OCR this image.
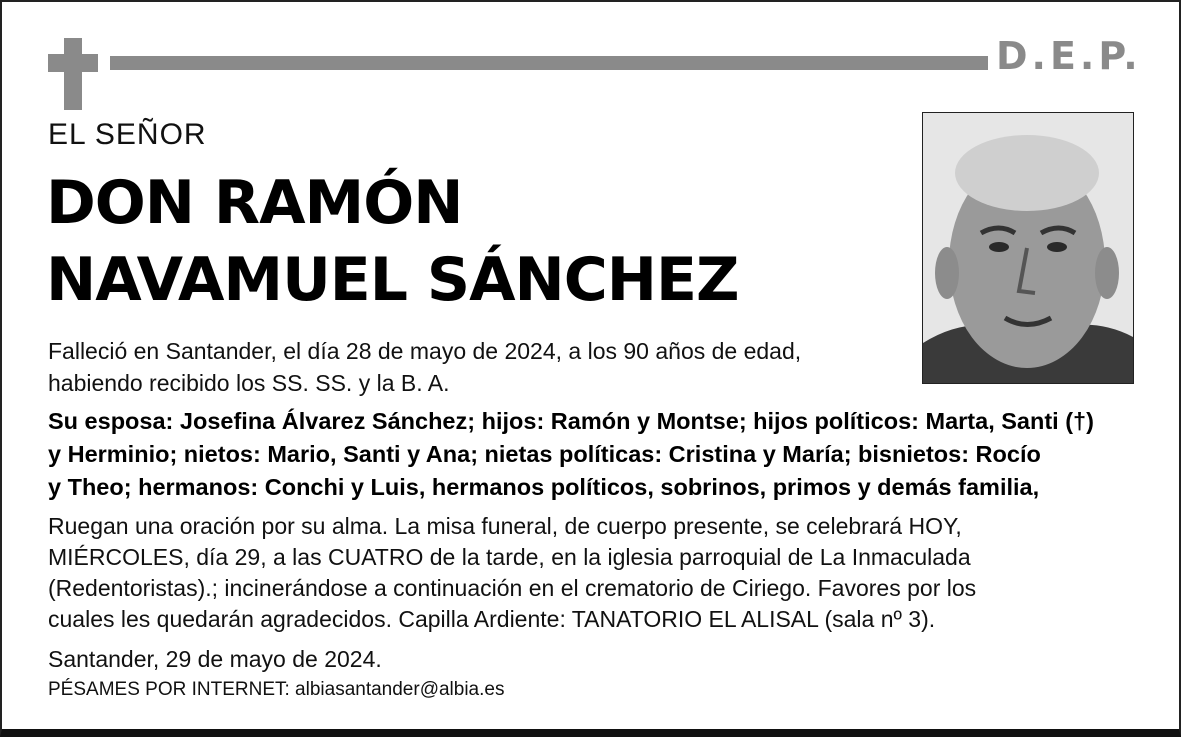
D.E.P.
EL SEÑOR
DON RAMÓN
NAVAMUEL SÁNCHEZ
Falleció en Santander, el día 28 de mayo de 2024, a los 90 años de edad,
habiendo recibido los SS. SS. y la B. A.
Su esposa: Josefina Álvarez Sánchez; hijos: Ramón y Montse; hijos políticos: Marta, Santi (†)
y Herminio; nietos: Mario, Santi y Ana; nietas políticas: Cristina y María; bisnietos: Rocío
y Theo; hermanos: Conchi y Luis, hermanos políticos, sobrinos, primos y demás familia,
Ruegan una oración por su alma. La misa funeral, de cuerpo presente, se celebrará HOY,
MIÉRCOLES, día 29, a las CUATRO de la tarde, en la iglesia parroquial de La Inmaculada
(Redentoristas).; incinerándose a continuación en el crematorio de Ciriego. Favores por los
cuales les quedarán agradecidos. Capilla Ardiente: TANATORIO EL ALISAL (sala nº 3).
Santander, 29 de mayo de 2024.
PÉSAMES POR INTERNET: albiasantander@albia.es
